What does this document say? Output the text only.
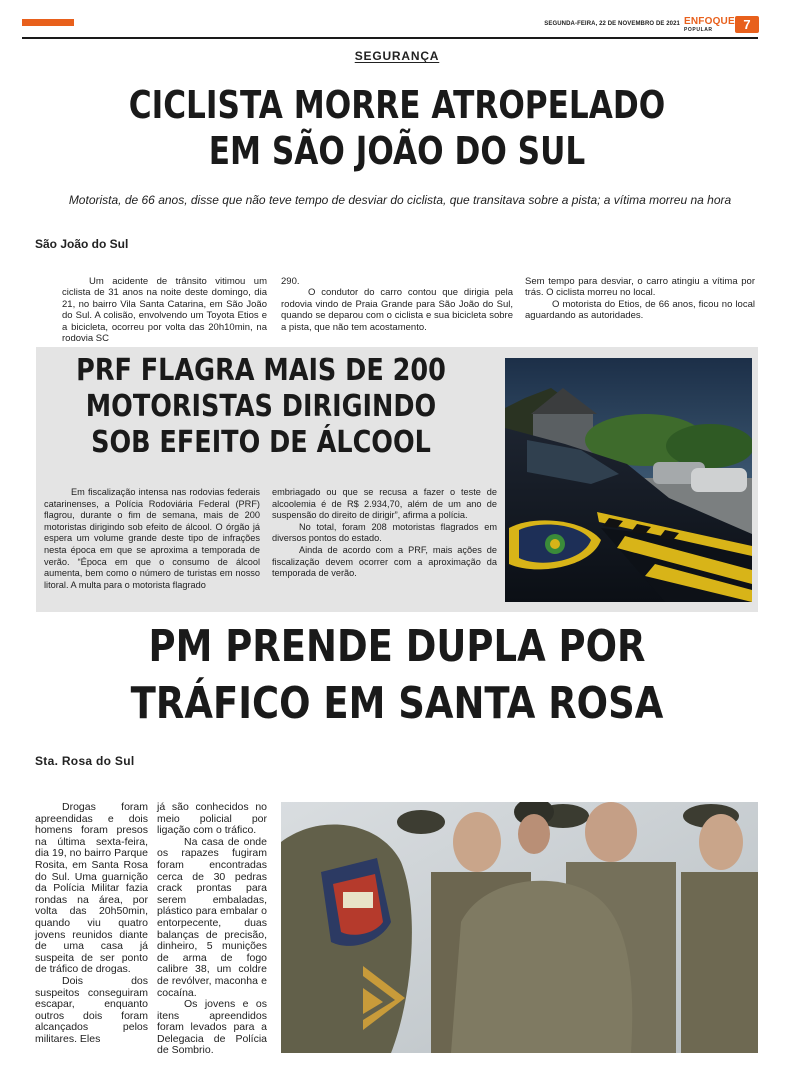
SEGUNDA-FEIRA, 22 DE NOVEMBRO DE 2021 ENFOQUE
POPULAR	7
SEGURANÇA
CICLISTA MORRE ATROPELADO
EM SÃO JOÃO DO SUL
Motorista, de 66 anos, disse que não teve tempo de desviar do ciclista, que transitava sobre a pista; a vítima morreu na hora
São João do Sul

Um acidente de trânsito vitimou um ciclista de 31 anos na noite deste domingo, dia 21, no bairro Vila Santa Catarina, em São João do Sul. A colisão, envolvendo um Toyota Etios e a bicicleta, ocorreu por volta das 20h10min, na rodovia SC

290.

O condutor do carro contou que dirigia pela rodovia vindo de Praia Grande para São João do Sul, quando se deparou com o ciclista e sua bicicleta sobre a pista, que não tem acostamento.

Sem tempo para desviar, o carro atingiu a vítima por trás. O ciclista morreu no local.

O motorista do Etios, de 66 anos, ficou no local aguardando as autoridades.

PRF FLAGRA MAIS DE 200
MOTORISTAS DIRIGINDO
SOB EFEITO DE ÁLCOOL

Em fiscalização intensa nas rodovias federais catarinenses, a Polícia Rodoviária Federal (PRF) flagrou, durante o fim de semana, mais de 200 motoristas dirigindo sob efeito de álcool. O órgão já espera um volume grande deste tipo de infrações nesta época em que se aproxima a temporada de verão. “Época em que o consumo de álcool aumenta, bem como o número de turistas em nosso litoral. A multa para o motorista flagrado

embriagado ou que se recusa a fazer o teste de alcoolemia é de R$ 2.934,70, além de um ano de suspensão do direito de dirigir”, afirma a polícia.

No total, foram 208 motoristas flagrados em diversos pontos do estado.

Ainda de acordo com a PRF, mais ações de fiscalização devem ocorrer com a aproximação da temporada de verão.

PM PRENDE DUPLA POR
TRÁFICO EM SANTA ROSA
Sta. Rosa do Sul

Drogas foram apreendidas e dois homens foram presos na última sexta-feira, dia 19, no bairro Parque Rosita, em Santa Rosa do Sul. Uma guarnição da Polícia Militar fazia rondas na área, por volta das 20h50min, quando viu quatro jovens reunidos diante de uma casa já suspeita de ser ponto de tráfico de drogas.

Dois dos suspeitos conseguiram escapar, enquanto outros dois foram alcançados pelos militares. Eles

já são conhecidos no meio policial por ligação com o tráfico.

Na casa de onde os rapazes fugiram foram encontradas cerca de 30 pedras crack prontas para serem embaladas, plástico para embalar o entorpecente, duas balanças de precisão, dinheiro, 5 munições de arma de fogo calibre 38, um coldre de revólver, maconha e cocaína.

Os jovens e os itens apreendidos foram levados para a Delegacia de Polícia de Sombrio.
